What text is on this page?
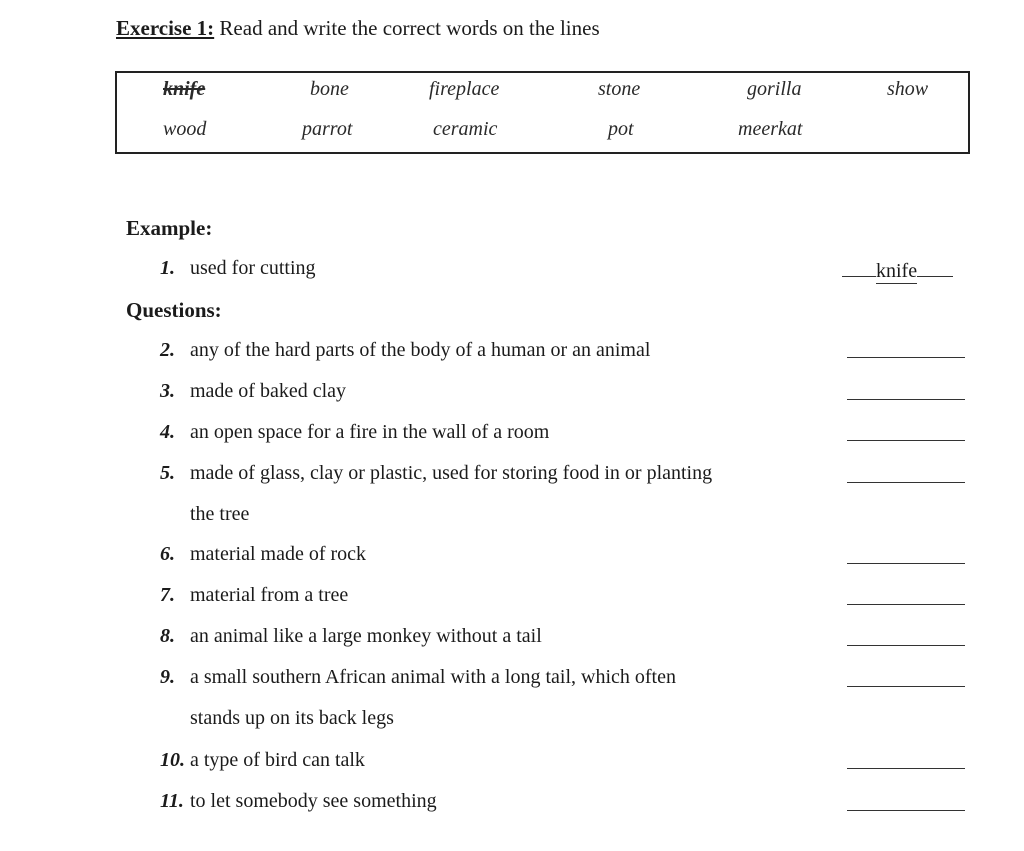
Exercise 1: Read and write the correct words on the lines
knife	bone	fireplace	stone	gorilla	show
wood	parrot	ceramic	pot	meerkat
Example:
1. used for cutting	knife
Questions:
2. any of the hard parts of the body of a human or an animal
3. made of baked clay
4. an open space for a fire in the wall of a room
5. made of glass, clay or plastic, used for storing food in or planting
the tree
6. material made of rock
7. material from a tree
8. an animal like a large monkey without a tail
9. a small southern African animal with a long tail, which often
stands up on its back legs
10. a type of bird can talk
11. to let somebody see something
